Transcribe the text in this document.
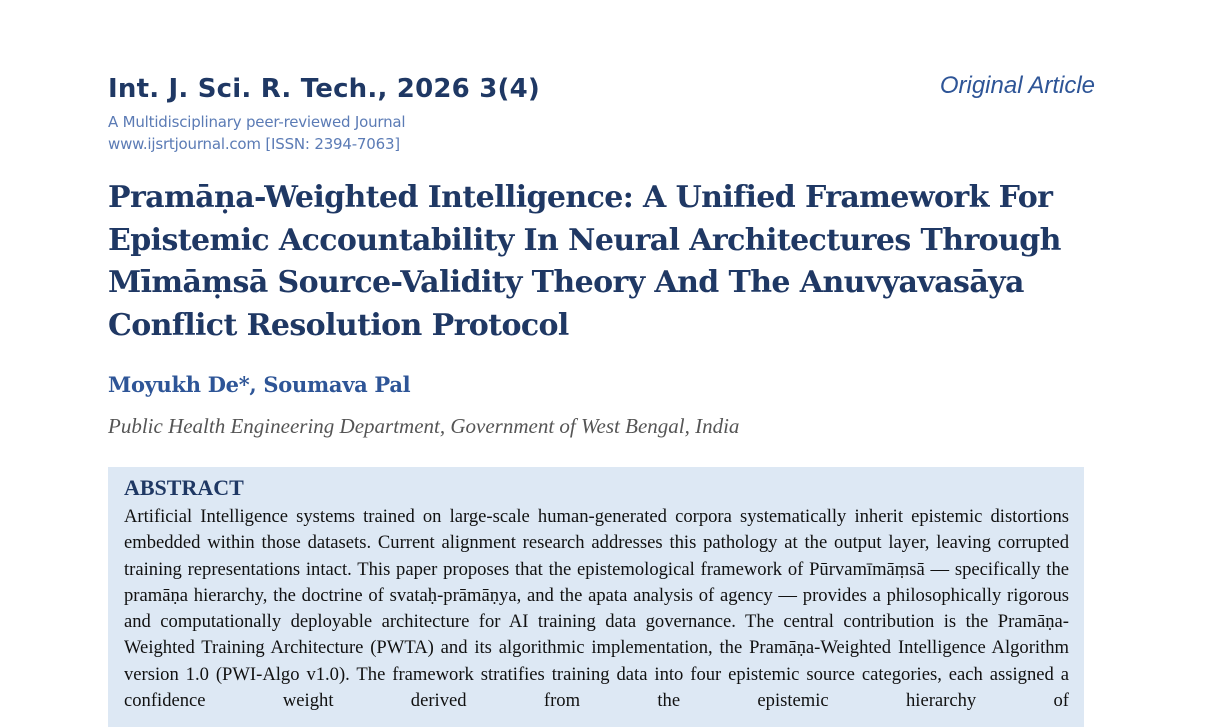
Int. J. Sci. R. Tech., 2026 3(4)
A Multidisciplinary peer-reviewed Journal
www.ijsrtjournal.com [ISSN: 2394-7063]
Original Article
Pramāṇa-Weighted Intelligence: A Unified Framework For Epistemic Accountability In Neural Architectures Through Mīmāṃsā Source-Validity Theory And The Anuvyavasāya Conflict Resolution Protocol
Moyukh De*, Soumava Pal
Public Health Engineering Department, Government of West Bengal, India
ABSTRACT

Artificial Intelligence systems trained on large-scale human-generated corpora systematically inherit epistemic distortions embedded within those datasets. Current alignment research addresses this pathology at the output layer, leaving corrupted training representations intact. This paper proposes that the epistemological framework of Pūrvamīmāṃsā — specifically the pramāṇa hierarchy, the doctrine of svataḥ-prāmāṇya, and the apata analysis of agency — provides a philosophically rigorous and computationally deployable architecture for AI training data governance. The central contribution is the Pramāṇa-Weighted Training Architecture (PWTA) and its algorithmic implementation, the Pramāṇa-Weighted Intelligence Algorithm version 1.0 (PWI-Algo v1.0). The framework stratifies training data into four epistemic source categories, each assigned a confidence weight derived from the epistemic hierarchy of
